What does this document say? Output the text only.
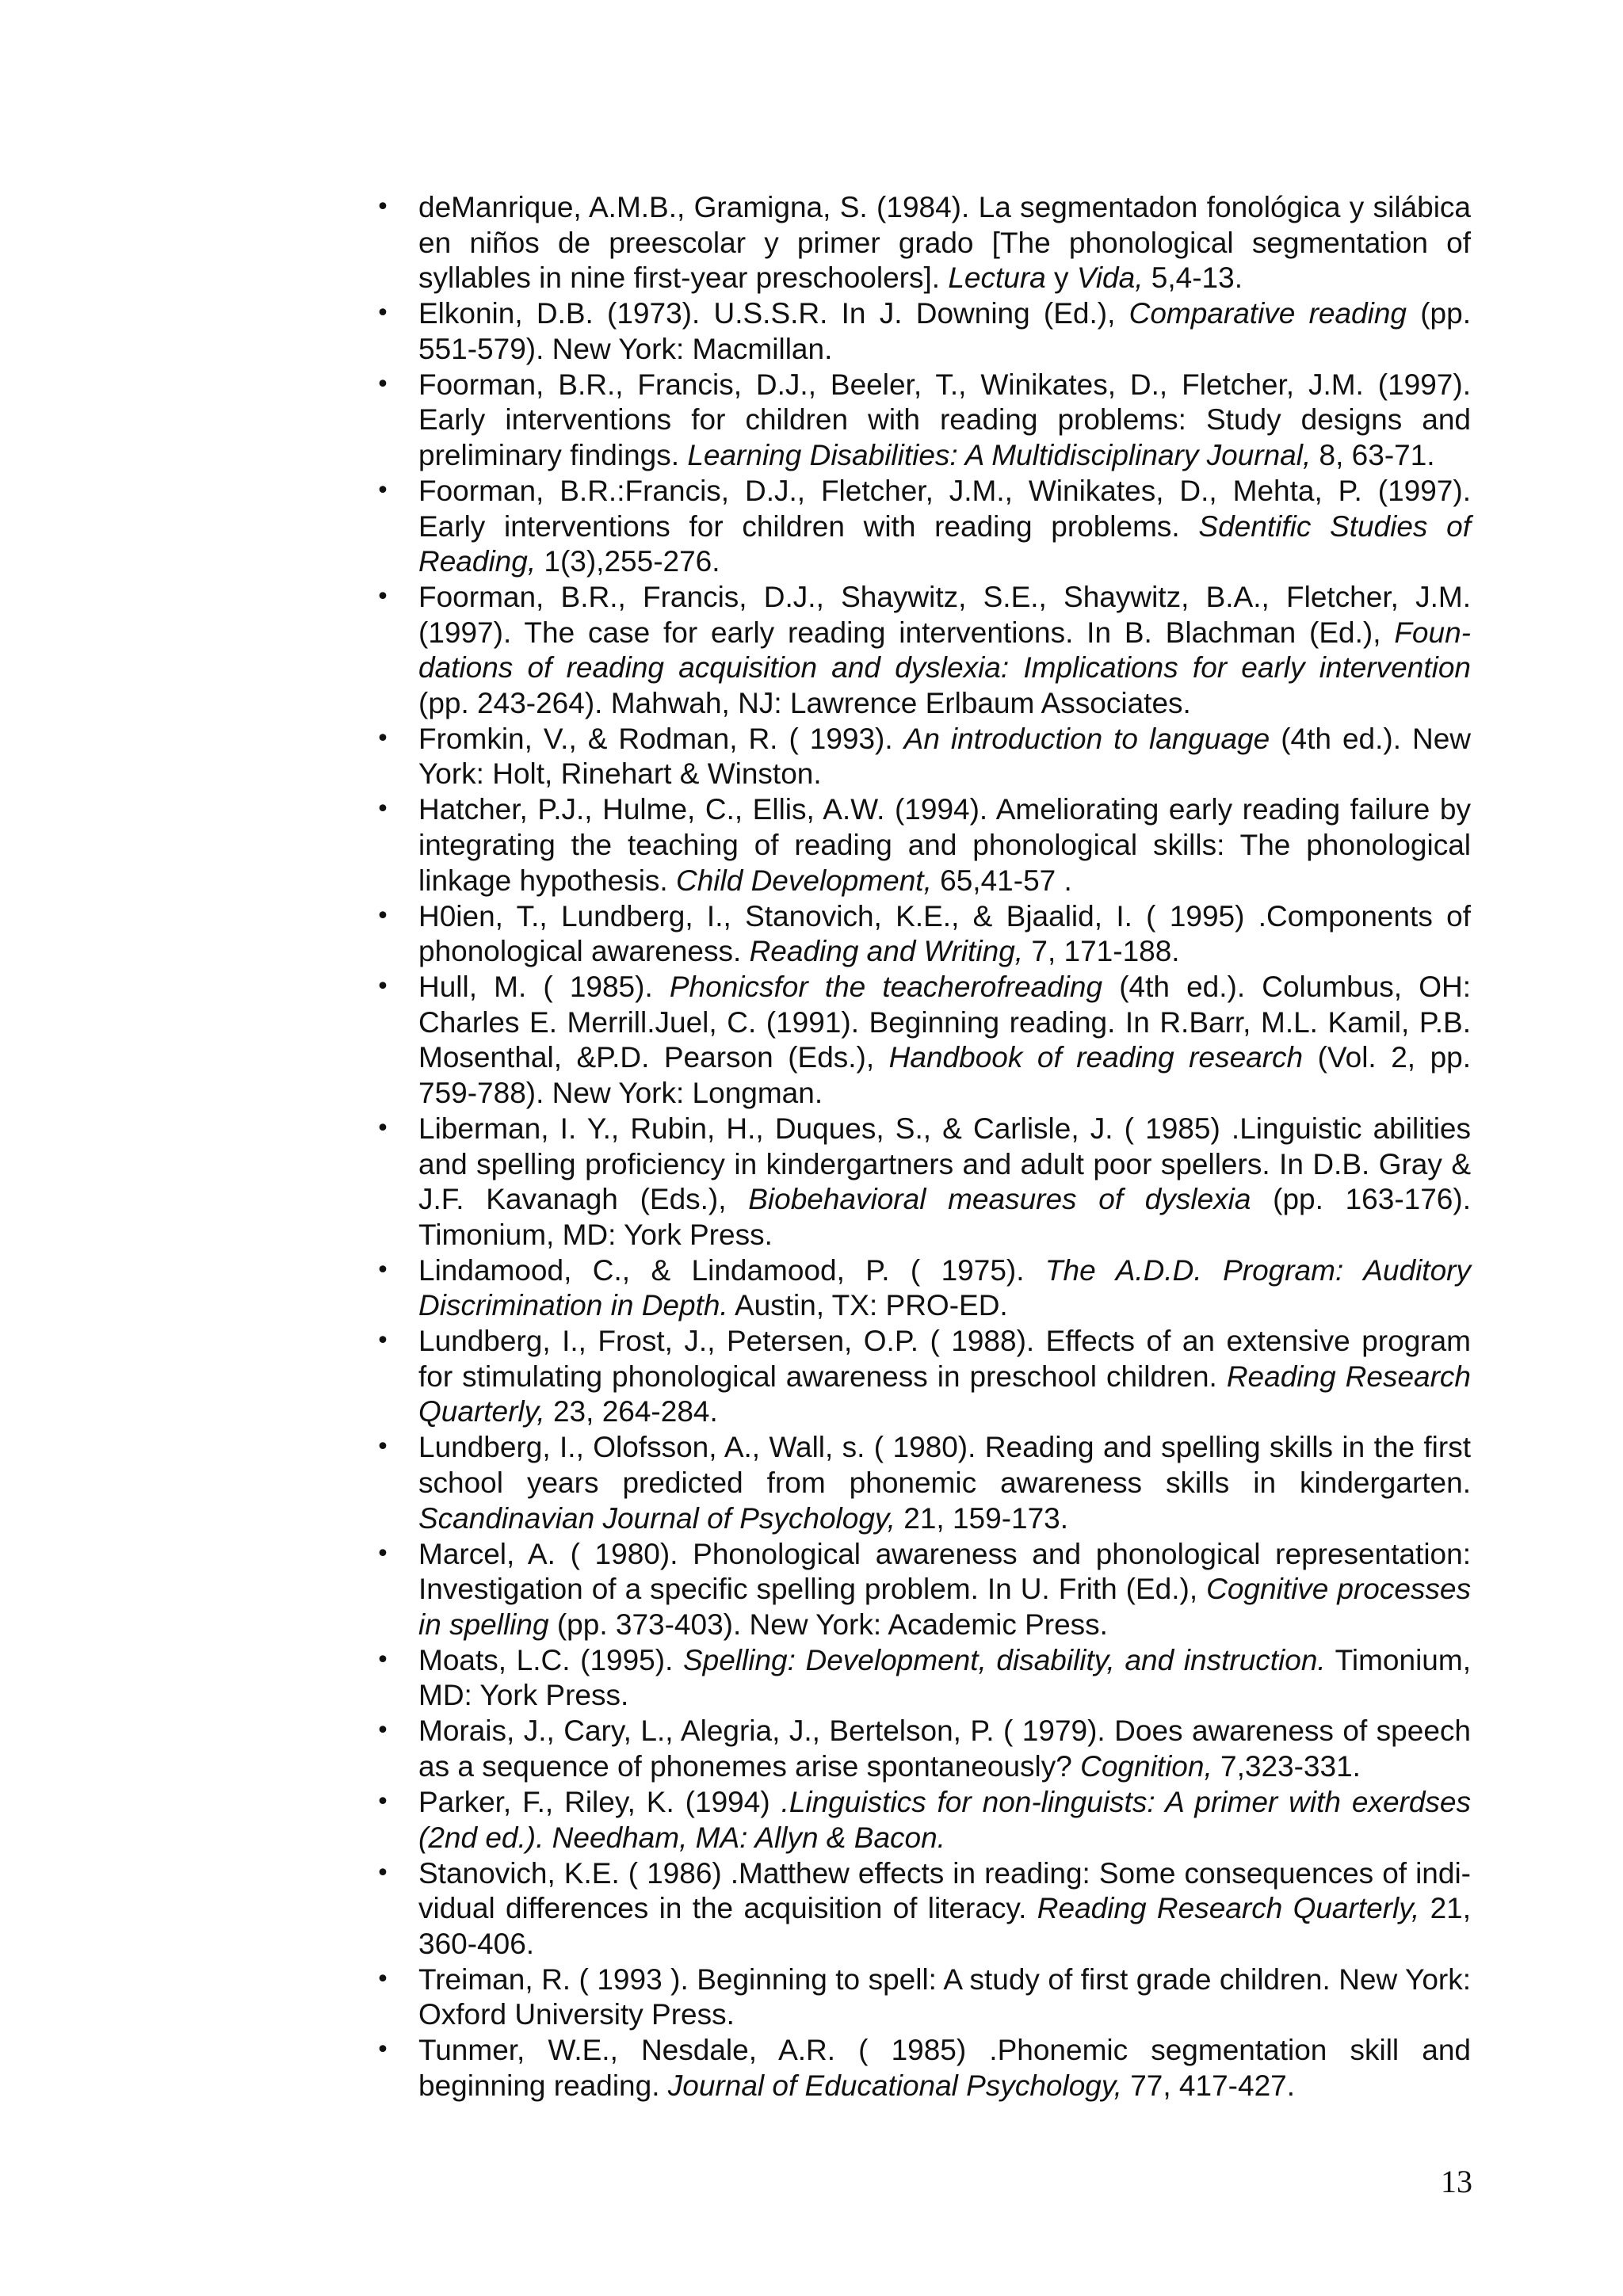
• deManrique, A.M.B., Gramigna, S. (1984). La segmentadon fonológica y silábica en niños de preescolar y primer grado [The phonological segmentation of syllables in nine first-year preschoolers]. Lectura y Vida, 5,4-13.
• Elkonin, D.B. (1973). U.S.S.R. In J. Downing (Ed.), Comparative reading (pp. 551-579). New York: Macmillan.
• Foorman, B.R., Francis, D.J., Beeler, T., Winikates, D., Fletcher, J.M. (1997). Early interventions for children with reading problems: Study designs and preliminary findings. Learning Disabilities: A Multidisciplinary Journal, 8, 63-71.
• Foorman, B.R.:Francis, D.J., Fletcher, J.M., Winikates, D., Mehta, P. (1997). Early interventions for children with reading problems. Sdentific Studies of Reading, 1(3),255-276.
• Foorman, B.R., Francis, D.J., Shaywitz, S.E., Shaywitz, B.A., Fletcher, J.M. (1997). The case for early reading interventions. In B. Blachman (Ed.), Foundations of reading acquisition and dyslexia: Implications for early intervention (pp. 243-264). Mahwah, NJ: Lawrence Erlbaum Associates.
• Fromkin, V., & Rodman, R. ( 1993). An introduction to language (4th ed.). New York: Holt, Rinehart & Winston.
• Hatcher, P.J., Hulme, C., Ellis, A.W. (1994). Ameliorating early reading failure by integrating the teaching of reading and phonological skills: The phonological linkage hypothesis. Child Development, 65,41-57 .
• H0ien, T., Lundberg, I., Stanovich, K.E., & Bjaalid, I. ( 1995) .Components of phonological awareness. Reading and Writing, 7, 171-188.
• Hull, M. ( 1985). Phonicsfor the teacherofreading (4th ed.). Columbus, OH: Charles E. Merrill.Juel, C. (1991). Beginning reading. In R.Barr, M.L. Kamil, P.B. Mosenthal, &P.D. Pearson (Eds.), Handbook of reading research (Vol. 2, pp. 759-788). New York: Longman.
• Liberman, I. Y., Rubin, H., Duques, S., & Carlisle, J. ( 1985) .Linguistic abilities and spelling proficiency in kindergartners and adult poor spellers. In D.B. Gray & J.F. Kavanagh (Eds.), Biobehavioral measures of dyslexia (pp. 163-176). Timonium, MD: York Press.
• Lindamood, C., & Lindamood, P. ( 1975). The A.D.D. Program: Auditory Discrimination in Depth. Austin, TX: PRO-ED.
• Lundberg, I., Frost, J., Petersen, O.P. ( 1988). Effects of an extensive program for stimulating phonological awareness in preschool children. Reading Research Quarterly, 23, 264-284.
• Lundberg, I., Olofsson, A., Wall, s. ( 1980). Reading and spelling skills in the first school years predicted from phonemic awareness skills in kindergarten. Scandinavian Journal of Psychology, 21, 159-173.
• Marcel, A. ( 1980). Phonological awareness and phonological representation: Investigation of a specific spelling problem. In U. Frith (Ed.), Cognitive processes in spelling (pp. 373-403). New York: Academic Press.
• Moats, L.C. (1995). Spelling: Development, disability, and instruction. Timonium, MD: York Press.
• Morais, J., Cary, L., Alegria, J., Bertelson, P. ( 1979). Does awareness of speech as a sequence of phonemes arise spontaneously? Cognition, 7,323-331.
• Parker, F., Riley, K. (1994) .Linguistics for non-linguists: A primer with exerdses (2nd ed.). Needham, MA: Allyn & Bacon.
• Stanovich, K.E. ( 1986) .Matthew effects in reading: Some consequences of indi- vidual differences in the acquisition of literacy. Reading Research Quarterly, 21, 360-406.
• Treiman, R. ( 1993 ). Beginning to spell: A study of first grade children. New York: Oxford University Press.
• Tunmer, W.E., Nesdale, A.R. ( 1985) .Phonemic segmentation skill and beginning reading. Journal of Educational Psychology, 77, 417-427.
13
